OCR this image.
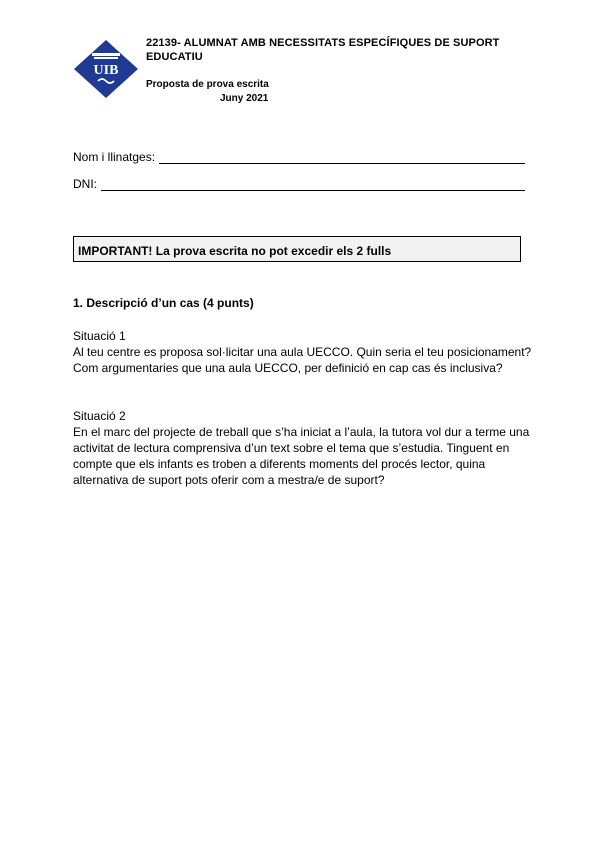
UIB
22139- ALUMNAT AMB NECESSITATS ESPECÍFIQUES DE SUPORT EDUCATIU
Proposta de prova escrita
Juny 2021
Nom i llinatges:
DNI:
IMPORTANT! La prova escrita no pot excedir els 2 fulls
1. Descripció d’un cas (4 punts)
Situació 1
Al teu centre es proposa sol·licitar una aula UECCO. Quin seria el teu posicionament? Com argumentaries que una aula UECCO, per definició en cap cas és inclusiva?
Situació 2
En el marc del projecte de treball que s’ha iniciat a l’aula, la tutora vol dur a terme una activitat de lectura comprensiva d’un text sobre el tema que s’estudia. Tinguent en compte que els infants es troben a diferents moments del procés lector, quina alternativa de suport pots oferir com a mestra/e de suport?
